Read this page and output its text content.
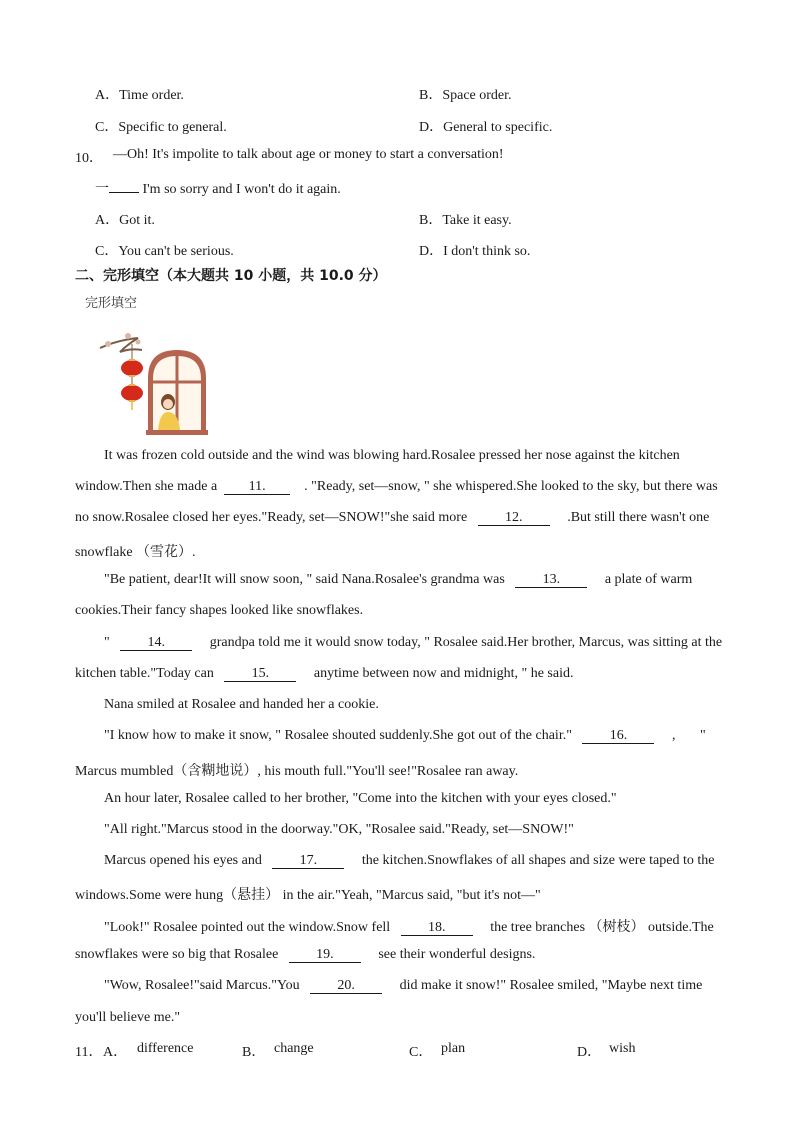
A．Time order.	B．Space order.
C．Specific to general.	D．General to specific.
10． —Oh! It's impolite to talk about age or money to start a conversation!
一 I'm so sorry and I won't do it again.
A．Got it.	B．Take it easy.
C．You can't be serious.	D．I don't think so.
二、完形填空（本大题共 10 小题，共 10.0 分）
完形填空
It was frozen cold outside and the wind was blowing hard.Rosalee pressed her nose against the kitchen
window.Then she made a 11.	. "Ready, set—snow, " she whispered.She looked to the sky, but there was
no snow.Rosalee closed her eyes."Ready, set—SNOW!"she said more	12.	.But still there wasn't one
snowflake （雪花）.
"Be patient, dear!It will snow soon, " said Nana.Rosalee's grandma was	13.	a plate of warm
cookies.Their fancy shapes looked like snowflakes.
"	14.	grandpa told me it would snow today, " Rosalee said.Her brother, Marcus, was sitting at the
kitchen table."Today can	15.	anytime between now and midnight, " he said.
Nana smiled at Rosalee and handed her a cookie.
"I know how to make it snow, " Rosalee shouted suddenly.She got out of the chair."	16.	, "
Marcus mumbled（含糊地说）, his mouth full."You'll see!"Rosalee ran away.
An hour later, Rosalee called to her brother, "Come into the kitchen with your eyes closed."
"All right."Marcus stood in the doorway."OK, "Rosalee said."Ready, set—SNOW!"
Marcus opened his eyes and	17.	the kitchen.Snowflakes of all shapes and size were taped to the
windows.Some were hung（悬挂） in the air."Yeah, "Marcus said, "but it's not—"
"Look!" Rosalee pointed out the window.Snow fell	18.	the tree branches （树枝） outside.The
snowflakes were so big that Rosalee	19.	see their wonderful designs.
"Wow, Rosalee!"said Marcus."You	20.	did make it snow!" Rosalee smiled, "Maybe next time
you'll believe me."
11． A． difference	B． change	C． plan	D． wish
